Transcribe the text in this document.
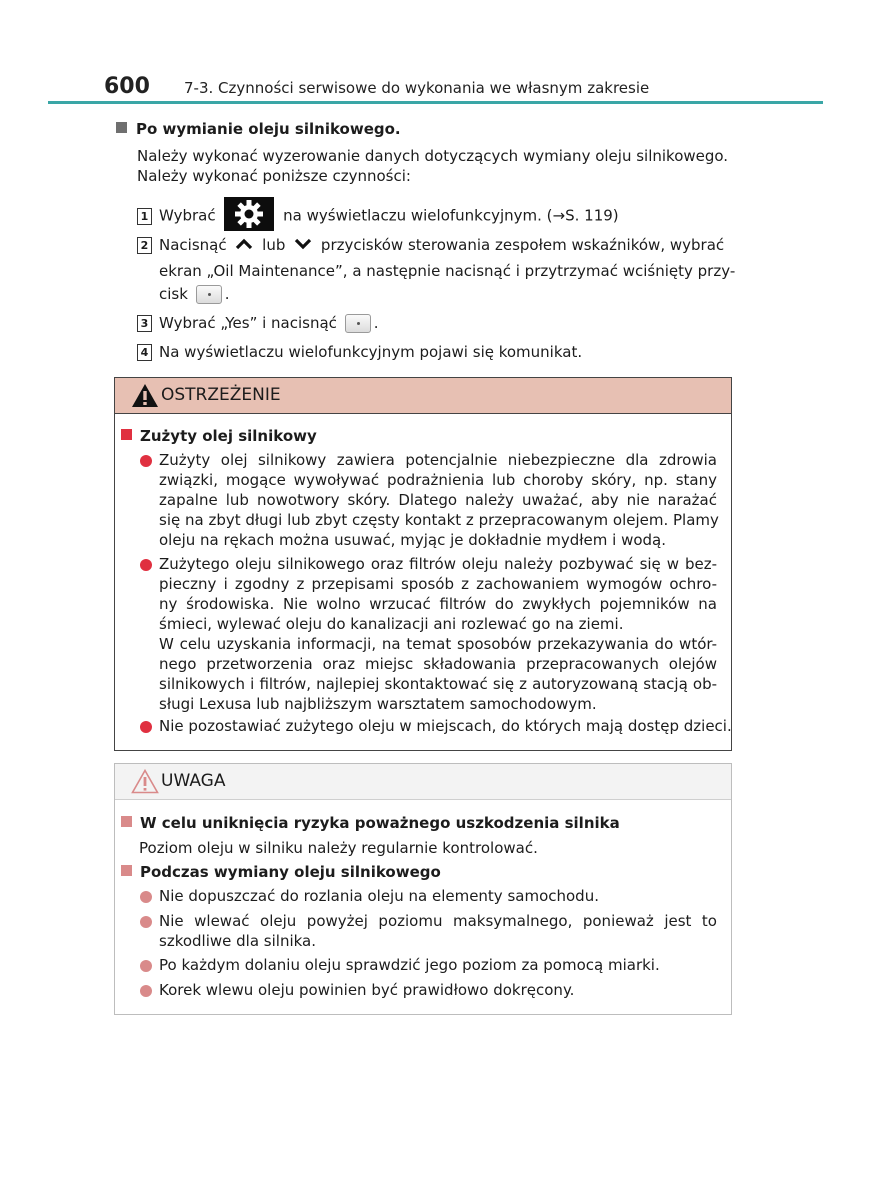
600 7-3. Czynności serwisowe do wykonania we własnym zakresie
Po wymianie oleju silnikowego.
Należy wykonać wyzerowanie danych dotyczących wymiany oleju silnikowego.
Należy wykonać poniższe czynności:
1 Wybrać	na wyświetlaczu wielofunkcyjnym. (→S. 119)
2 Nacisnąć lub przycisków sterowania zespołem wskaźników, wybrać
ekran „Oil Maintenance”, a następnie nacisnąć i przytrzymać wciśnięty przy-
cisk .
3 Wybrać „Yes” i nacisnąć .
4 Na wyświetlaczu wielofunkcyjnym pojawi się komunikat.
OSTRZEŻENIE
Zużyty olej silnikowy
Zużyty olej silnikowy zawiera potencjalnie niebezpieczne dla zdrowia
związki, mogące wywoływać podrażnienia lub choroby skóry, np. stany
zapalne lub nowotwory skóry. Dlatego należy uważać, aby nie narażać
się na zbyt długi lub zbyt częsty kontakt z przepracowanym olejem. Plamy
oleju na rękach można usuwać, myjąc je dokładnie mydłem i wodą.
Zużytego oleju silnikowego oraz filtrów oleju należy pozbywać się w bez-
pieczny i zgodny z przepisami sposób z zachowaniem wymogów ochro-
ny środowiska. Nie wolno wrzucać filtrów do zwykłych pojemników na
śmieci, wylewać oleju do kanalizacji ani rozlewać go na ziemi.
W celu uzyskania informacji, na temat sposobów przekazywania do wtór-
nego przetworzenia oraz miejsc składowania przepracowanych olejów
silnikowych i filtrów, najlepiej skontaktować się z autoryzowaną stacją ob-
sługi Lexusa lub najbliższym warsztatem samochodowym.
Nie pozostawiać zużytego oleju w miejscach, do których mają dostęp dzieci.
UWAGA
W celu uniknięcia ryzyka poważnego uszkodzenia silnika
Poziom oleju w silniku należy regularnie kontrolować.
Podczas wymiany oleju silnikowego
Nie dopuszczać do rozlania oleju na elementy samochodu.
Nie wlewać oleju powyżej poziomu maksymalnego, ponieważ jest to
szkodliwe dla silnika.
Po każdym dolaniu oleju sprawdzić jego poziom za pomocą miarki.
Korek wlewu oleju powinien być prawidłowo dokręcony.
